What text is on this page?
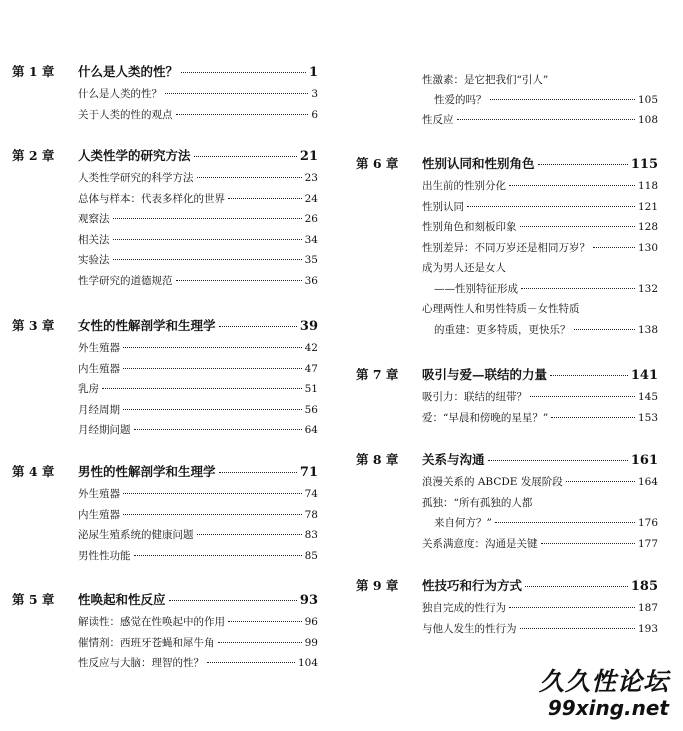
第 1 章	什么是人类的性？	1
什么是人类的性？	3
关于人类的性的观点	6
第 2 章	人类性学的研究方法	21
人类性学研究的科学方法	23
总体与样本：代表多样化的世界	24
观察法	26
相关法	34
实验法	35
性学研究的道德规范	36
第 3 章	女性的性解剖学和生理学	39
外生殖器	42
内生殖器	47
乳房	51
月经周期	56
月经期问题	64
第 4 章	男性的性解剖学和生理学	71
外生殖器	74
内生殖器	78
泌尿生殖系统的健康问题	83
男性性功能	85
第 5 章	性唤起和性反应	93
解读性：感觉在性唤起中的作用	96
催情剂：西班牙苍蝇和犀牛角	99
性反应与大脑：理智的性？	104
性激素：是它把我们“引人”
性爱的吗？	105
性反应	108
第 6 章	性别认同和性别角色	115
出生前的性别分化	118
性别认同	121
性别角色和刻板印象	128
性别差异：不同万岁还是相同万岁？	130
成为男人还是女人
——性别特征形成	132
心理两性人和男性特质－女性特质
的重建：更多特质，更快乐？	138
第 7 章	吸引与爱—联结的力量	141
吸引力：联结的纽带？	145
爱：“早晨和傍晚的星星？”	153
第 8 章	关系与沟通	161
浪漫关系的 ABCDE 发展阶段	164
孤独：“所有孤独的人都
来自何方？”	176
关系满意度：沟通是关键	177
第 9 章	性技巧和行为方式	185
独自完成的性行为	187
与他人发生的性行为	193
久久性论坛
99xing.net
